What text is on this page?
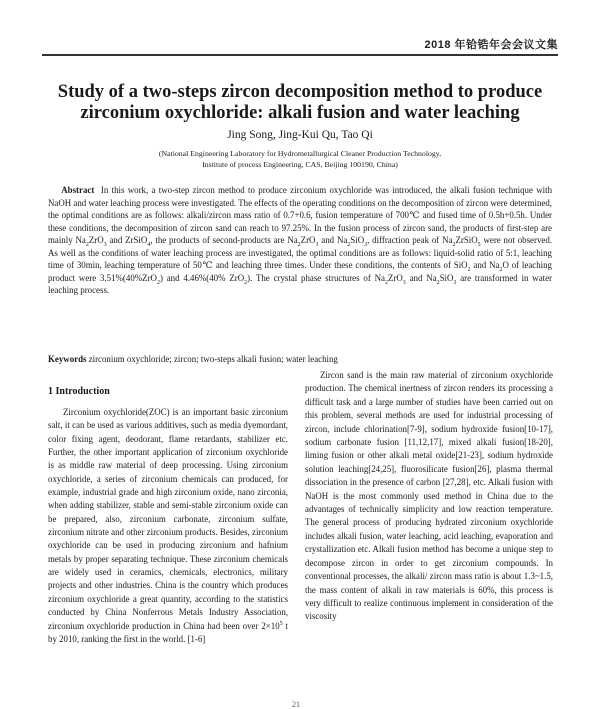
2018 年铪锆年会会议文集
Study of a two-steps zircon decomposition method to produce
zirconium oxychloride: alkali fusion and water leaching
Jing Song, Jing-Kui Qu, Tao Qi
(National Engineering Laboratory for Hydrometallurgical Cleaner Production Technology,
Institute of process Engineering, CAS, Beijing 100190, China)

Abstract In this work, a two-step zircon method to produce zirconium oxychloride was introduced, the alkali fusion technique with NaOH and water leaching process were investigated. The effects of the operating conditions on the decomposition of zircon were determined, the optimal conditions are as follows: alkali/zircon mass ratio of 0.7+0.6, fusion temperature of 700℃ and fused time of 0.5h+0.5h. Under these conditions, the decomposition of zircon sand can reach to 97.25%. In the fusion process of zircon sand, the products of first-step are mainly $Na_2ZrO_3$ and ZrSiO$_4$, the products of second-products are $Na_2ZrO_3$ and $Na_2SiO_3$, diffraction peak of $Na_2ZrSiO_5$ were not observed. As well as the conditions of water leaching process are investigated, the optimal conditions are as follows: liquid-solid ratio of 5:1, leaching time of 30min, leaching temperature of 50℃ and leaching three times. Under these conditions, the contents of SiO$_2$ and $Na_2O$ of leaching product were 3.51%(40%ZrO$_2$) and 4.46%(40% ZrO$_2$). The crystal phase structures of $Na_2ZrO_3$ and $Na_2SiO_3$ are transformed in water leaching process.

Keywords zirconium oxychloride; zircon; two-steps alkali fusion; water leaching

1 Introduction

Zirconium oxychloride(ZOC) is an important basic zirconium salt, it can be used as various additives, such as media dyemordant, color fixing agent, deodorant, flame retardants, stabilizer etc. Further, the other important application of zirconium oxychloride is as middle raw material of deep processing. Using zirconium oxychloride, a series of zirconium chemicals can produced, for example, industrial grade and high zirconium oxide, nano zirconia, when adding stabilizer, stable and semi-stable zirconium oxide can be prepared, also, zirconium carbonate, zirconium sulfate, zirconium nitrate and other zirconium products. Besides, zirconium oxychloride can be used in producing zirconium and hafnium metals by proper separating technique. These zirconium chemicals are widely used in ceramics, chemicals, electronics, military projects and other industries. China is the country which produces zirconium oxychloride a great quantity, according to the statistics conducted by China Nonferrous Metals Industry Association, zirconium oxychloride production in China had been over $2\times 10^5$ t by 2010, ranking the first in the world. [1-6]

Zircon sand is the main raw material of zirconium oxychloride production. The chemical inertness of zircon renders its processing a difficult task and a large number of studies have been carried out on this problem, several methods are used for industrial processing of zircon, include chlorination[7-9], sodium hydroxide fusion[10-17], sodium carbonate fusion [11,12,17], mixed alkali fusion[18-20], liming fusion or other alkali metal oxide[21-23], sodium hydroxide solution leaching[24,25], fluorosilicate fusion[26], plasma thermal dissociation in the presence of carbon [27,28], etc. Alkali fusion with NaOH is the most commonly used method in China due to the advantages of technically simplicity and low reaction temperature. The general process of producing hydrated zirconium oxychloride includes alkali fusion, water leaching, acid leaching, evaporation and crystallization etc. Alkali fusion method has become a unique step to decompose zircon in order to get zirconium compounds. In conventional processes, the alkali/ zircon mass ratio is about 1.3~1.5, the mass content of alkali in raw materials is 60%, this process is very difficult to realize continuous implement in consideration of the viscosity

21
